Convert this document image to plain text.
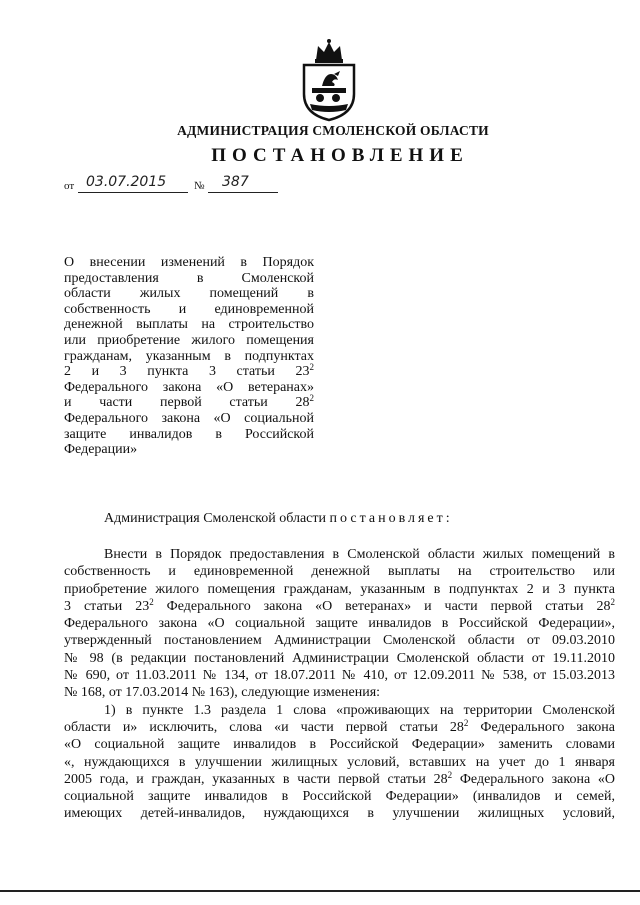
АДМИНИСТРАЦИЯ СМОЛЕНСКОЙ ОБЛАСТИ
ПОСТАНОВЛЕНИЕ
от 03.07.2015	№ 387
О внесении изменений в Порядок
предоставления в Смоленской
области жилых помещений в
собственность и единовременной
денежной выплаты на строительство
или приобретение жилого помещения
гражданам, указанным в подпунктах
2 и 3 пункта 3 статьи $23^2$
Федерального закона «О ветеранах»
и части первой статьи $28^2$
Федерального закона «О социальной
защите инвалидов в Российской
Федерации»
Администрация Смоленской области постановляет:
Внести в Порядок предоставления в Смоленской области жилых помещений в
собственность и единовременной денежной выплаты на строительство или
приобретение жилого помещения гражданам, указанным в подпунктах 2 и 3 пункта
3 статьи $23^2$ Федерального закона «О ветеранах» и части первой статьи $28^2$
Федерального закона «О социальной защите инвалидов в Российской Федерации»,
утвержденный постановлением Администрации Смоленской области от 09.03.2010
№ 98 (в редакции постановлений Администрации Смоленской области от 19.11.2010
№ 690, от 11.03.2011 № 134, от 18.07.2011 № 410, от 12.09.2011 № 538, от 15.03.2013
№ 168, от 17.03.2014 № 163), следующие изменения:
1) в пункте 1.3 раздела 1 слова «проживающих на территории Смоленской
области и» исключить, слова «и части первой статьи $28^2$ Федерального закона
«О социальной защите инвалидов в Российской Федерации» заменить словами
«, нуждающихся в улучшении жилищных условий, вставших на учет до 1 января
2005 года, и граждан, указанных в части первой статьи $28^2$ Федерального закона «О
социальной защите инвалидов в Российской Федерации» (инвалидов и семей,
имеющих детей-инвалидов, нуждающихся в улучшении жилищных условий,
